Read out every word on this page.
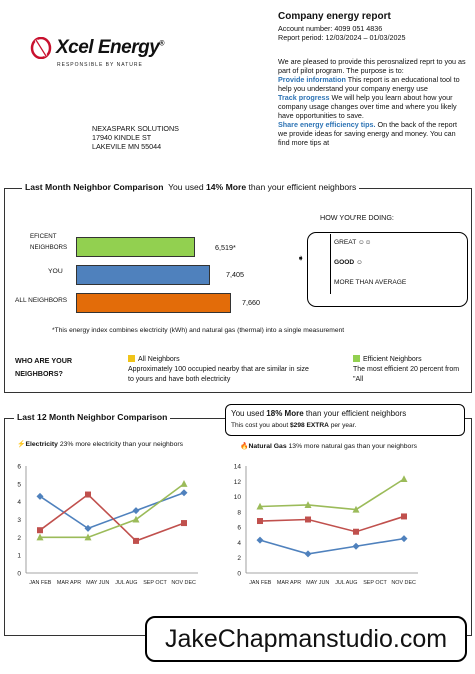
Xcel Energy®
RESPONSIBLE BY NATURE
Company energy report
Account number: 4099 051 4836
Report period: 12/03/2024 – 01/03/2025
We are pleased to provide this perosnalized reprt to you as part of pilot program. The purpose is to:
Provide information This report is an educational tool to help you understand your company energy use
Track progress We will help you learn about how your company usage changes over time and where you likely have opportunities to save.
Share energy efficiency tips. On the back of the report we provide ideas for saving energy and money. You can find more tips at
NEXASPARK SOLUTIONS
17940 KINDLE ST
LAKEVILE MN 55044
Last Month Neighbor Comparison You used 14% More than your efficient neighbors
EFICENT NEIGHBORS
YOU
ALL NEIGHBORS
6,519*
7,405
7,660
HOW YOU'RE DOING:
➧
GREAT ☺☺
GOOD ☺
MORE THAN AVERAGE
*This energy index combines electricity (kWh) and natural gas (thermal) into a single measurement
WHO ARE YOUR
NEIGHBORS?
All Neighbors
Approximately 100 occupied nearby that are similar in size to yours and have both electricity
Efficient Neighbors
The most efficient 20 percent from "All
Last 12 Month Neighbor Comparison	You used 18% More than your efficient neighbors
This cost you about $298 EXTRA per year.
⚡Electricity 23% more electricity than your neighbors	🔥Natural Gas 13% more natural gas than your neighbors
0
1
2
3
4
5
6
JAN FEB MAR APR MAY JUN JUL AUG SEP OCT NOV DEC
0
2
4
6
8
10
12
14
JAN FEB MAR APR MAY JUN JUL AUG SEP OCT NOV DEC
JakeChapmanstudio.com
